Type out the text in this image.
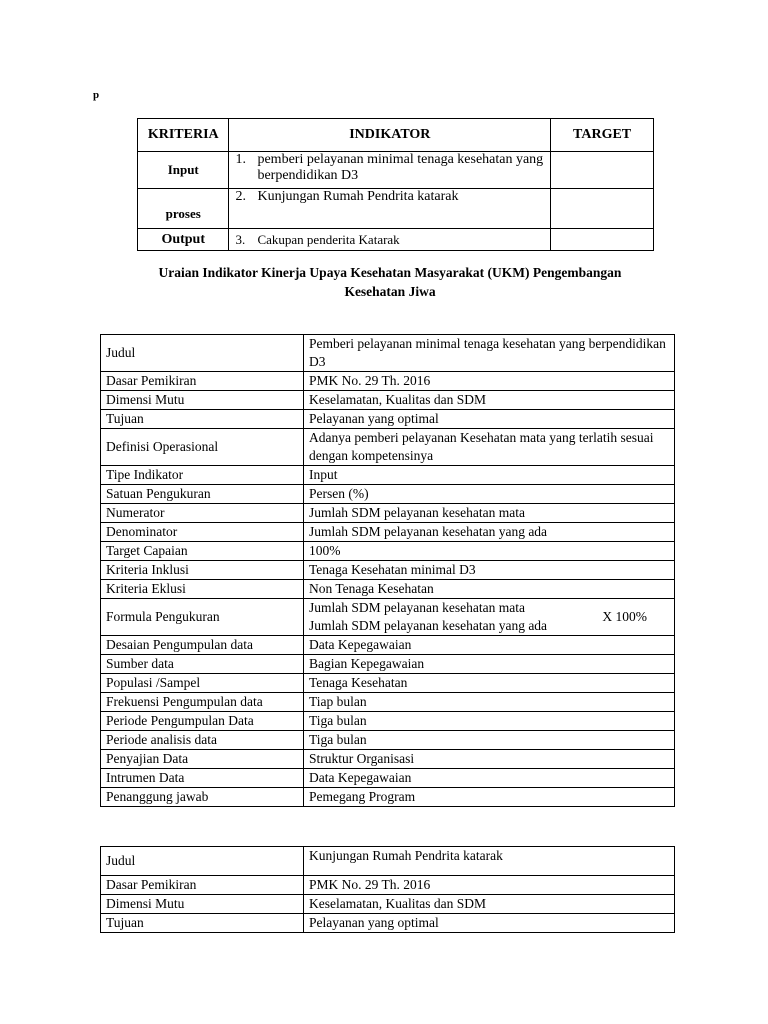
p
KRITERIA	INDIKATOR	TARGET
Input	1. pemberi pelayanan minimal tenaga kesehatan yang berpendidikan D3	

proses	2. Kunjungan Rumah Pendrita katarak	

Output	3. Cakupan penderita Katarak	

Uraian Indikator Kinerja Upaya Kesehatan Masyarakat (UKM) Pengembangan Kesehatan Jiwa
Judul	Pemberi pelayanan minimal tenaga kesehatan yang berpendidikan D3
Dasar Pemikiran	PMK No. 29 Th. 2016
Dimensi Mutu	Keselamatan, Kualitas dan SDM
Tujuan	Pelayanan yang optimal
Definisi Operasional	Adanya pemberi pelayanan Kesehatan mata yang terlatih sesuai dengan kompetensinya
Tipe Indikator	Input
Satuan Pengukuran	Persen (%)
Numerator	Jumlah SDM pelayanan kesehatan mata
Denominator	Jumlah SDM pelayanan kesehatan yang ada
Target Capaian	100%
Kriteria Inklusi	Tenaga Kesehatan minimal D3
Kriteria Eklusi	Non Tenaga Kesehatan
Formula Pengukuran	Jumlah SDM pelayanan kesehatan mata
Jumlah SDM pelayanan kesehatan yang ada
X 100%

Desaian Pengumpulan data	Data Kepegawaian
Sumber data	Bagian Kepegawaian
Populasi /Sampel	Tenaga Kesehatan
Frekuensi Pengumpulan data	Tiap bulan
Periode Pengumpulan Data	Tiga bulan
Periode analisis data	Tiga bulan
Penyajian Data	Struktur Organisasi
Intrumen Data	Data Kepegawaian
Penanggung jawab	Pemegang Program
Judul	Kunjungan Rumah Pendrita katarak
Dasar Pemikiran	PMK No. 29 Th. 2016
Dimensi Mutu	Keselamatan, Kualitas dan SDM
Tujuan	Pelayanan yang optimal
